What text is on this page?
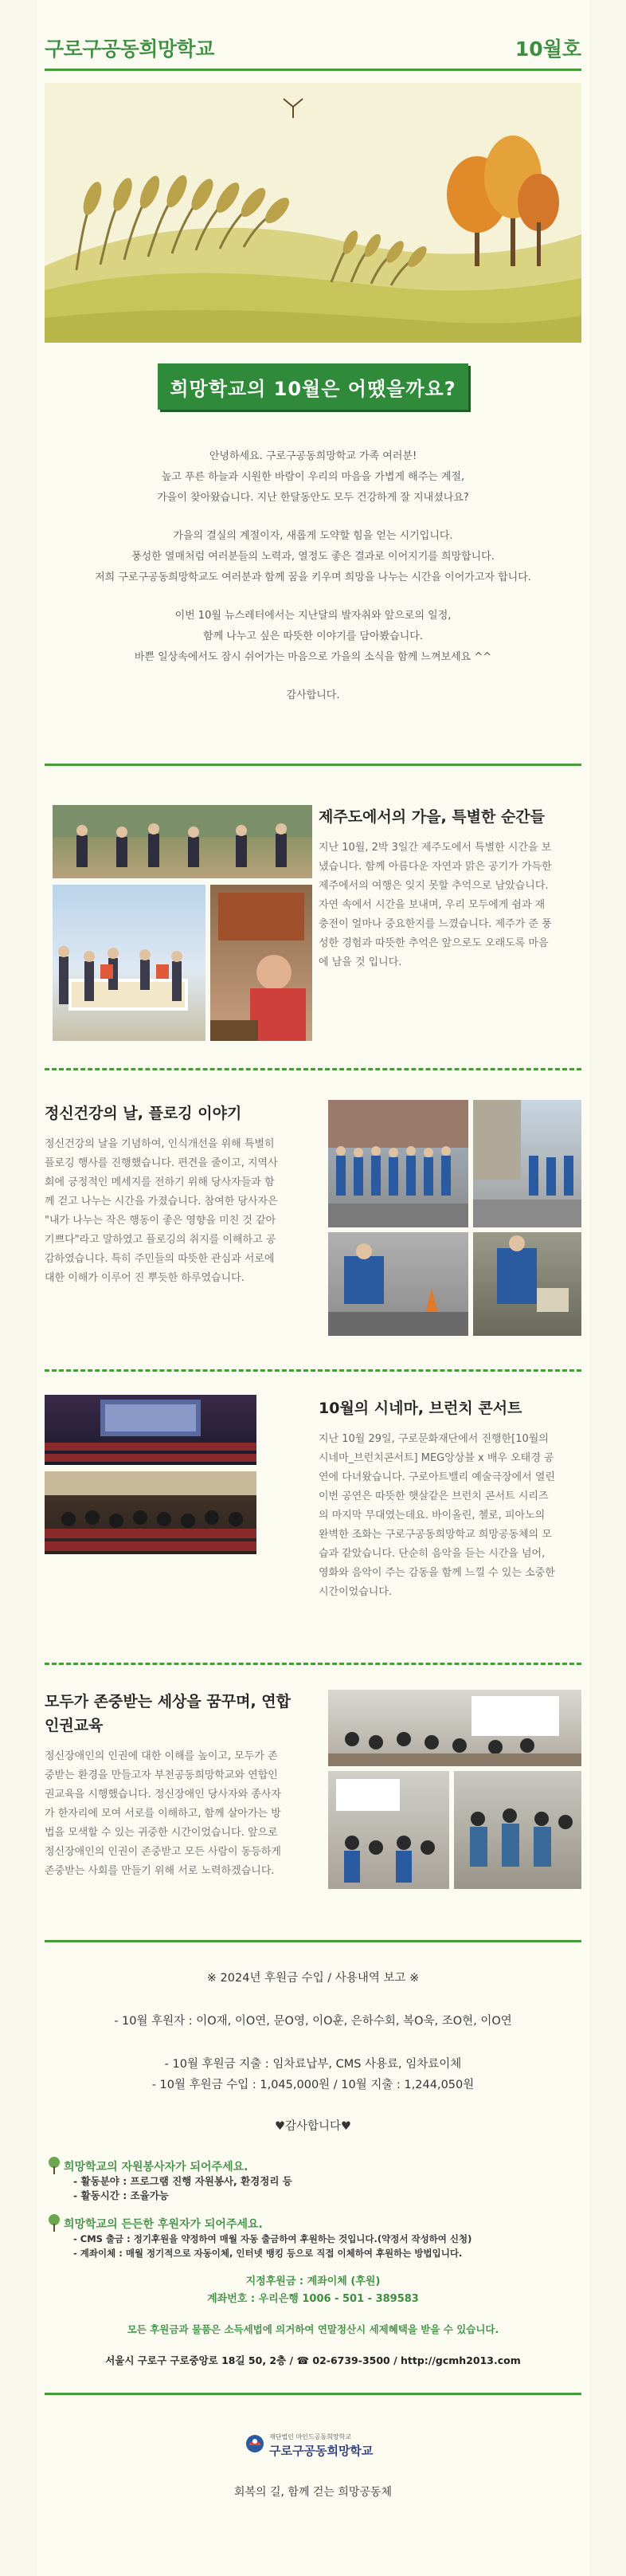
구로구공동희망학교	10월호
희망학교의 10월은 어땠을까요?

안녕하세요. 구로구공동희망학교 가족 여러분!
높고 푸른 하늘과 시원한 바람이 우리의 마음을 가볍게 해주는 계절,
가을이 찾아왔습니다. 지난 한달동안도 모두 건강하게 잘 지내셨나요?

가을의 결실의 계절이자, 새롭게 도약할 힘을 얻는 시기입니다.
풍성한 열매처럼 여러분들의 노력과, 열정도 좋은 결과로 이어지기를 희망합니다.
저희 구로구공동희망학교도 여러분과 함께 꿈을 키우며 희망을 나누는 시간을 이어가고자 합니다.

이번 10월 뉴스레터에서는 지난달의 발자취와 앞으로의 일정,
함께 나누고 싶은 따뜻한 이야기를 담아봤습니다.
바쁜 일상속에서도 잠시 쉬어가는 마음으로 가을의 소식을 함께 느껴보세요 ^^

감사합니다.

제주도에서의 가을, 특별한 순간들
지난 10월, 2박 3일간 제주도에서 특별한 시간을 보
냈습니다. 함께 아름다운 자연과 맑은 공기가 가득한
제주에서의 여행은 잊지 못할 추억으로 남았습니다.
자연 속에서 시간을 보내며, 우리 모두에게 쉼과 재
충전이 얼마나 중요한지를 느꼈습니다. 제주가 준 풍
성한 경험과 따뜻한 추억은 앞으로도 오래도록 마음
에 남을 것 입니다.
정신건강의 날, 플로깅 이야기
정신건강의 날을 기념하여, 인식개선을 위해 특별히
플로깅 행사를 진행했습니다. 편견을 줄이고, 지역사
회에 긍정적인 메세지를 전하기 위해 당사자들과 함
께 걷고 나누는 시간을 가졌습니다. 참여한 당사자은
"내가 나누는 작은 행동이 좋은 영향을 미친 것 같아
기쁘다"라고 말하였고 플로깅의 취지를 이해하고 공
감하였습니다. 특히 주민들의 따뜻한 관심과 서로에
대한 이해가 이루어 진 뿌듯한 하루였습니다.
10월의 시네마, 브런치 콘서트
지난 10월 29일, 구로문화재단에서 진행한[10월의
시네마_브런치콘서트] MEG앙상블 x 배우 오태경 공
연에 다녀왔습니다. 구로아트밸리 예술극장에서 열린
이번 공연은 따뜻한 햇살같은 브런치 콘서트 시리즈
의 마지막 무대였는데요. 바이올린, 첼로, 피아노의
완벽한 조화는 구로구공동희망학교 희망공동체의 모
습과 같았습니다. 단순히 음악을 듣는 시간을 넘어,
영화와 음악이 주는 감동을 함께 느낄 수 있는 소중한
시간이었습니다.
모두가 존중받는 세상을 꿈꾸며, 연합
인권교육
정신장애인의 인권에 대한 이해를 높이고, 모두가 존
중받는 환경을 만들고자 부천공동희망학교와 연합인
권교육을 시행했습니다. 정신장애인 당사자와 종사자
가 한자리에 모여 서로를 이해하고, 함께 살아가는 방
법을 모색할 수 있는 귀중한 시간이었습니다. 앞으로
정신장애인의 인권이 존중받고 모든 사람이 동등하게
존중받는 사회를 만들기 위해 서로 노력하겠습니다.
※ 2024년 후원금 수입 / 사용내역 보고 ※
- 10월 후원자 : 이O재, 이O연, 문O영, 이O훈, 은하수회, 복O욱, 조O현, 이O연
- 10월 후원금 지출 : 임차료납부, CMS 사용료, 임차료이체
- 10월 후원금 수입 : 1,045,000원 / 10월 지출 : 1,244,050원
♥감사합니다♥
희망학교의 자원봉사자가 되어주세요.
- 활동분야 : 프로그램 진행 자원봉사, 환경정리 등
- 활동시간 : 조율가능
희망학교의 든든한 후원자가 되어주세요.
- CMS 출금 : 정기후원을 약정하여 매월 자동 출금하여 후원하는 것입니다.(약정서 작성하여 신청)
- 계좌이체 : 매월 정기적으로 자동이체, 인터넷 뱅킹 등으로 직접 이체하여 후원하는 방법입니다.
지정후원금 : 계좌이체 (후원)
계좌번호 : 우리은행 1006 - 501 - 389583
모든 후원금과 물품은 소득세법에 의거하여 연말정산시 세제혜택을 받을 수 있습니다.
서울시 구로구 구로중앙로 18길 50, 2층 / ☎ 02-6739-3500 / http://gcmh2013.com
재단법인 마인드공동희망학교
구로구공동희망학교
회복의 길, 함께 걷는 희망공동체
